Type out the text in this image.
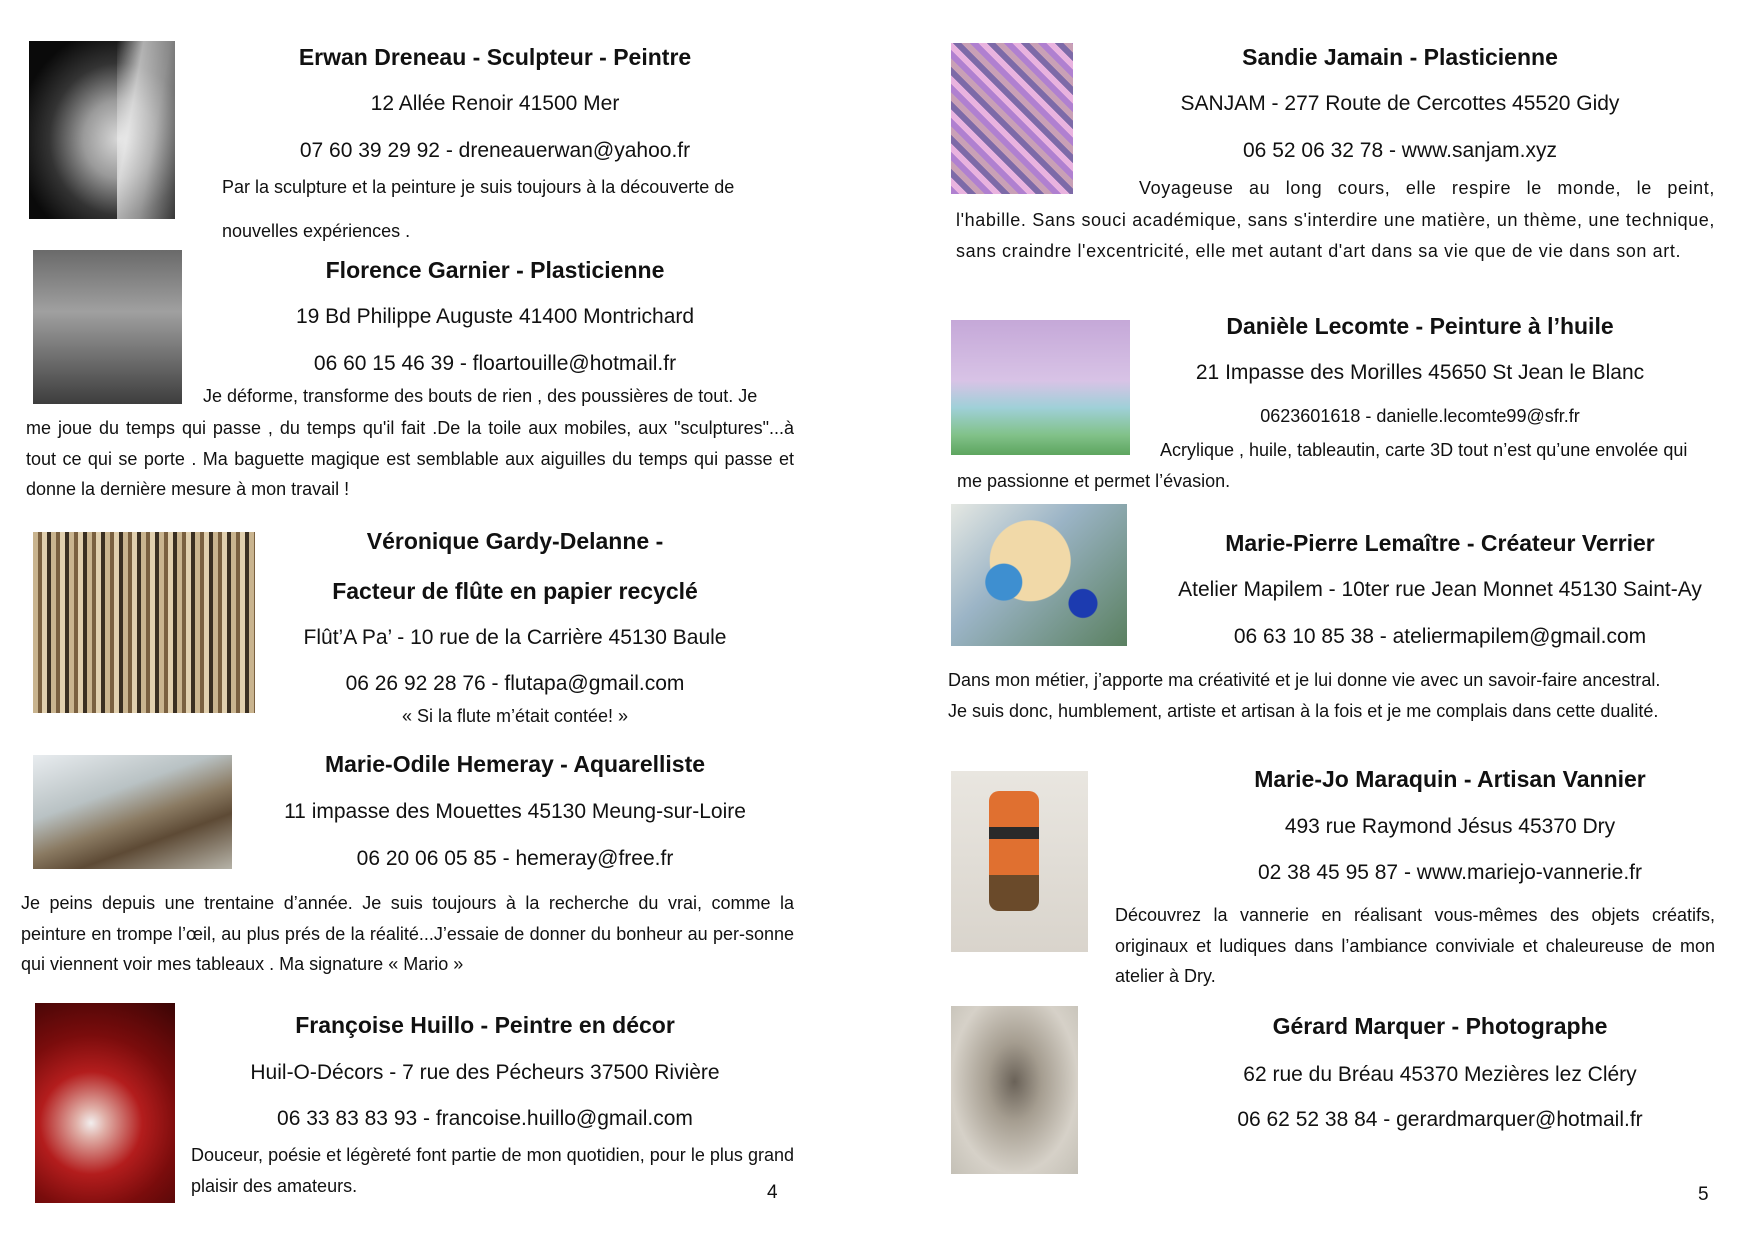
Erwan Dreneau - Sculpteur - Peintre
12 Allée Renoir 41500 Mer
07 60 39 29 92 - dreneauerwan@yahoo.fr
Par la sculpture et la peinture je suis toujours à la découverte de
nouvelles expériences .
Florence Garnier - Plasticienne
19 Bd Philippe Auguste 41400 Montrichard
06 60 15 46 39 - floartouille@hotmail.fr
Je déforme, transforme des bouts de rien , des poussières de tout. Je
me joue du temps qui passe , du temps qu'il fait .De la toile aux mobiles, aux "sculptures"...à tout ce qui se porte . Ma baguette magique est semblable aux aiguilles du temps qui passe et donne la dernière mesure à mon travail !
Véronique Gardy-Delanne -
Facteur de flûte en papier recyclé
Flût’A Pa’ - 10 rue de la Carrière 45130 Baule
06 26 92 28 76 - flutapa@gmail.com
« Si la flute m’était contée! »
Marie-Odile Hemeray - Aquarelliste
11 impasse des Mouettes 45130 Meung-sur-Loire
06 20 06 05 85 - hemeray@free.fr
Je peins depuis une trentaine d’année. Je suis toujours à la recherche du vrai, comme la peinture en trompe l’œil, au plus prés de la réalité...J’essaie de donner du bonheur au per-sonne qui viennent voir mes tableaux . Ma signature « Mario »
Françoise Huillo - Peintre en décor
Huil-O-Décors - 7 rue des Pécheurs 37500 Rivière
06 33 83 83 93 - francoise.huillo@gmail.com
Douceur, poésie et légèreté font partie de mon quotidien, pour le plus grand plaisir des amateurs.	4
Sandie Jamain - Plasticienne
SANJAM - 277 Route de Cercottes 45520 Gidy
06 52 06 32 78 - www.sanjam.xyz
Voyageuse au long cours, elle respire le monde, le peint,
l'habille. Sans souci académique, sans s'interdire une matière, un thème, une technique, sans craindre l'excentricité, elle met autant d'art dans sa vie que de vie dans son art.
Danièle Lecomte - Peinture à l’huile
21 Impasse des Morilles 45650 St Jean le Blanc
0623601618 - danielle.lecomte99@sfr.fr
Acrylique , huile, tableautin, carte 3D tout n’est qu’une envolée qui
me passionne et permet l’évasion.
Marie-Pierre Lemaître - Créateur Verrier
Atelier Mapilem - 10ter rue Jean Monnet 45130 Saint-Ay
06 63 10 85 38 - ateliermapilem@gmail.com
Dans mon métier, j’apporte ma créativité et je lui donne vie avec un savoir-faire ancestral.
Je suis donc, humblement, artiste et artisan à la fois et je me complais dans cette dualité.
Marie-Jo Maraquin - Artisan Vannier
493 rue Raymond Jésus 45370 Dry
02 38 45 95 87 - www.mariejo-vannerie.fr
Découvrez la vannerie en réalisant vous-mêmes des objets créatifs, originaux et ludiques dans l’ambiance conviviale et chaleureuse de mon atelier à Dry.
Gérard Marquer - Photographe
62 rue du Bréau 45370 Mezières lez Cléry
06 62 52 38 84 - gerardmarquer@hotmail.fr
5
